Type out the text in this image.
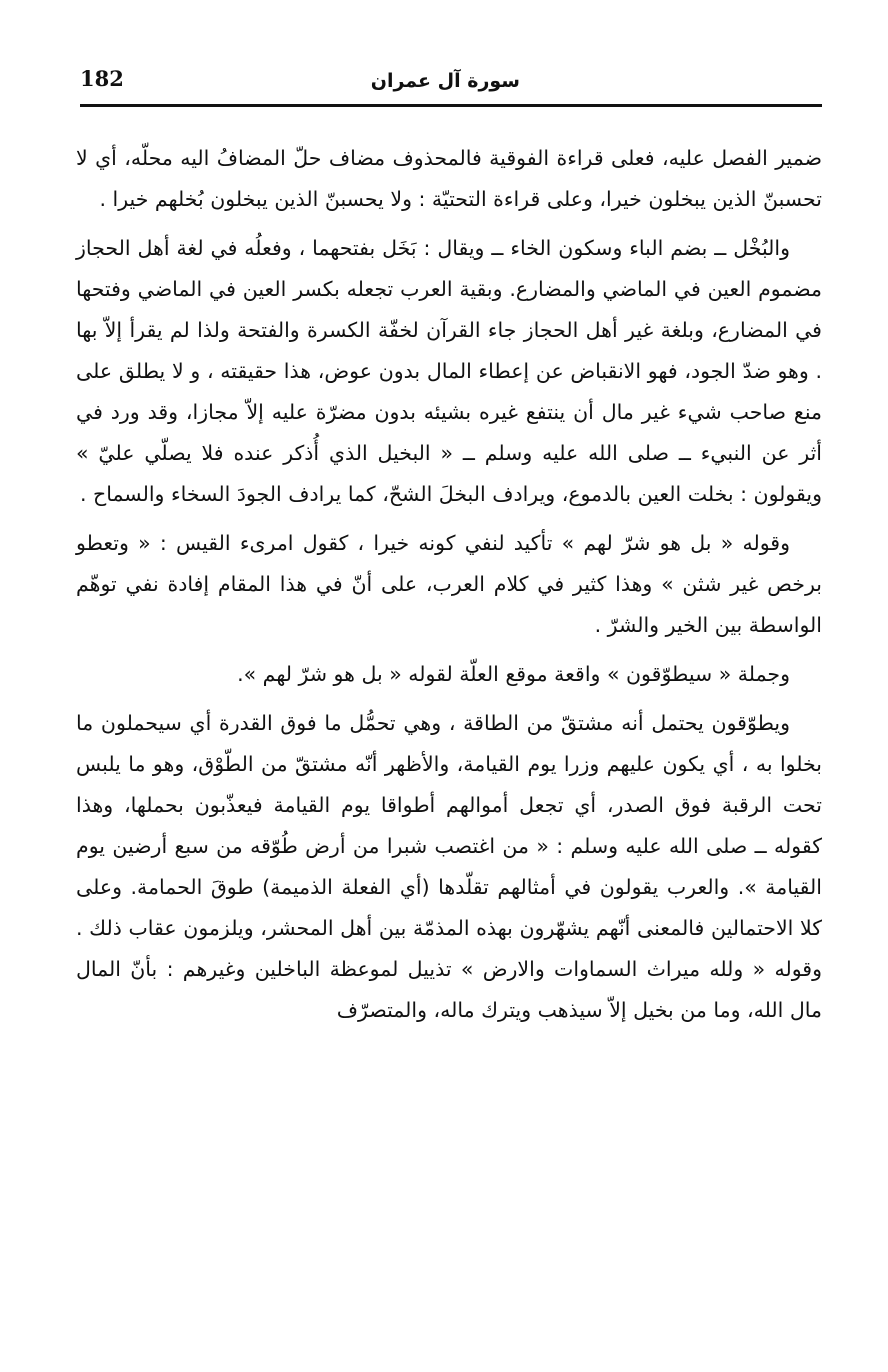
182	سورة آل عمران

ضمير الفصل عليه، فعلى قراءة الفوقية فالمحذوف مضاف حلّ المضافُ اليه محلّه، أي لا تحسبنّ الذين يبخلون خيرا، وعلى قراءة التحتيّة : ولا يحسبنّ الذين يبخلون بُخلهم خيرا .

والبُخْل ــ بضم الباء وسكون الخاء ــ ويقال : بَخَل بفتحهما ، وفعلُه في لغة أهل الحجاز مضموم العين في الماضي والمضارع. وبقية العرب تجعله بكسر العين في الماضي وفتحها في المضارع، وبلغة غير أهل الحجاز جاء القرآن لخفّة الكسرة والفتحة ولذا لم يقرأ إلاّ بها . وهو ضدّ الجود، فهو الانقباض عن إعطاء المال بدون عوض، هذا حقيقته ، و لا يطلق على منع صاحب شيء غير مال أن ينتفع غيره بشيئه بدون مضرّة عليه إلاّ مجازا، وقد ورد في أثر عن النبيء ــ صلى الله عليه وسلم ــ « البخيل الذي أُذكر عنده فلا يصلّي عليّ » ويقولون : بخلت العين بالدموع، ويرادف البخلَ الشحّ، كما يرادف الجودَ السخاء والسماح .

وقوله « بل هو شرّ لهم » تأكيد لنفي كونه خيرا ، كقول امرىء القيس : « وتعطو برخص غير شثن » وهذا كثير في كلام العرب، على أنّ في هذا المقام إفادة نفي توهّم الواسطة بين الخير والشرّ .

وجملة « سيطوّقون » واقعة موقع العلّة لقوله « بل هو شرّ لهم ».

ويطوّقون يحتمل أنه مشتقّ من الطاقة ، وهي تحمُّل ما فوق القدرة أي سيحملون ما بخلوا به ، أي يكون عليهم وزرا يوم القيامة، والأظهر أنّه مشتقّ من الطّوْق، وهو ما يلبس تحت الرقبة فوق الصدر، أي تجعل أموالهم أطواقا يوم القيامة فيعذّبون بحملها، وهذا كقوله ــ صلى الله عليه وسلم : « من اغتصب شبرا من أرض طُوّقه من سبع أرضين يوم القيامة ». والعرب يقولون في أمثالهم تقلّدها (أي الفعلة الذميمة) طوقَ الحمامة. وعلى كلا الاحتمالين فالمعنى أنّهم يشهّرون بهذه المذمّة بين أهل المحشر، ويلزمون عقاب ذلك . وقوله « ولله ميراث السماوات والارض » تذييل لموعظة الباخلين وغيرهم : بأنّ المال مال الله، وما من بخيل إلاّ سيذهب ويترك ماله، والمتصرّف
